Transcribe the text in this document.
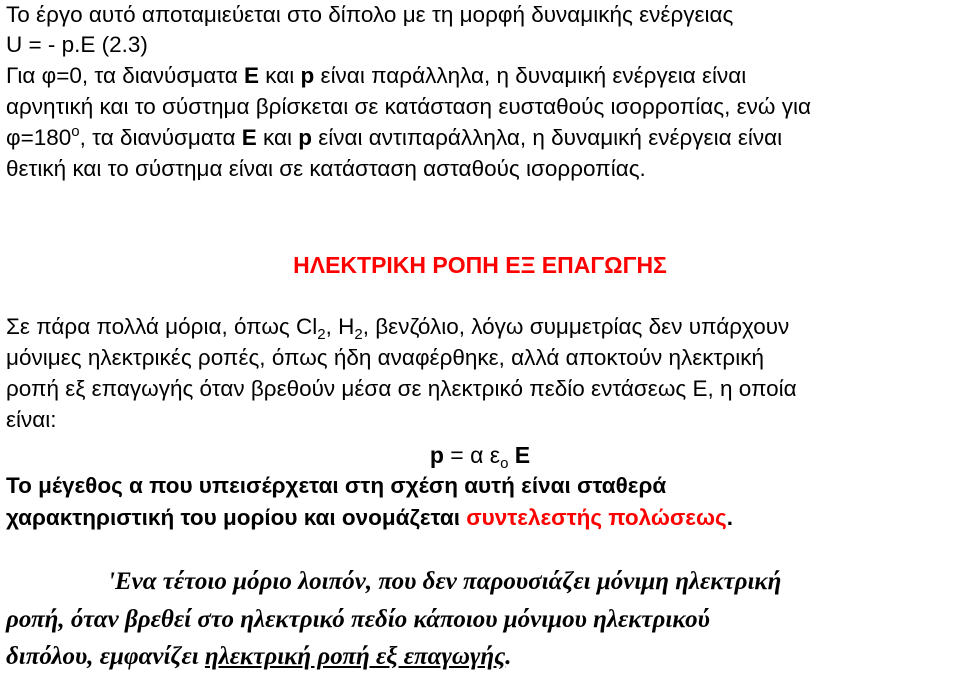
Το έργο αυτό αποταμιεύεται στο δίπολο με τη μορφή δυναμικής ενέργειας
U = - p.E (2.3)
Για φ=0, τα διανύσματα E και p είναι παράλληλα, η δυναμική ενέργεια είναι
αρνητική και το σύστημα βρίσκεται σε κατάσταση ευσταθούς ισορροπίας, ενώ για
$\varphi=180^o$, τα διανύσματα E και p είναι αντιπαράλληλα, η δυναμική ενέργεια είναι
θετική και το σύστημα είναι σε κατάσταση ασταθούς ισορροπίας.
ΗΛΕΚΤΡΙΚΗ ΡΟΠΗ ΕΞ ΕΠΑΓΩΓΗΣ
Σε πάρα πολλά μόρια, όπως $Cl_2$, $H_2$, βενζόλιο, λόγω συμμετρίας δεν υπάρχουν
μόνιμες ηλεκτρικές ροπές, όπως ήδη αναφέρθηκε, αλλά αποκτούν ηλεκτρική
ροπή εξ επαγωγής όταν βρεθούν μέσα σε ηλεκτρικό πεδίο εντάσεως Ε, η οποία
είναι:
p = α $\varepsilon_o$ E
Το μέγεθος α που υπεισέρχεται στη σχέση αυτή είναι σταθερά
χαρακτηριστική του μορίου και ονομάζεται συντελεστής πολώσεως.
'Ενα τέτοιο μόριο λοιπόν, που δεν παρουσιάζει μόνιμη ηλεκτρική
ροπή, όταν βρεθεί στο ηλεκτρικό πεδίο κάποιου μόνιμου ηλεκτρικού
διπόλου, εμφανίζει ηλεκτρική ροπή εξ επαγωγής.
